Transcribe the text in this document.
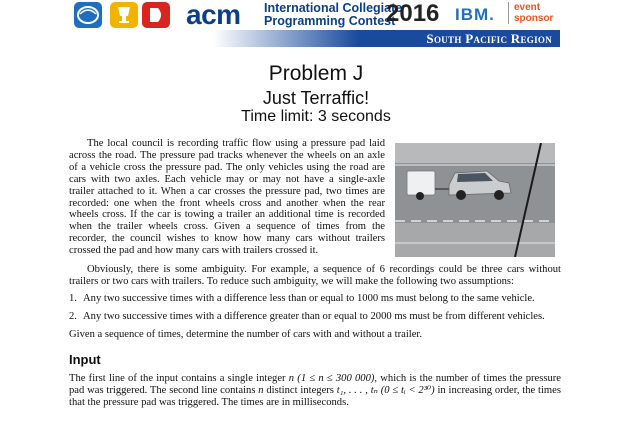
acm International Collegiate
Programming Contest
2016 IBM. event
sponsor
South Pacific Region
Problem J
Just Terraffic!
Time limit: 3 seconds
The local council is recording traffic flow using a pressure pad laid across the road. The pressure pad tracks whenever the wheels on an axle of a vehicle cross the pressure pad. The only vehicles using the road are cars with two axles. Each vehicle may or may not have a single-axle trailer attached to it. When a car crosses the pressure pad, two times are recorded: one when the front wheels cross and another when the rear wheels cross. If the car is towing a trailer an additional time is recorded when the trailer wheels cross. Given a sequence of times from the recorder, the council wishes to know how many cars without trailers crossed the pad and how many cars with trailers crossed it.
Obviously, there is some ambiguity. For example, a sequence of 6 recordings could be three cars without trailers or two cars with trailers. To reduce such ambiguity, we will make the following two assumptions:
1. Any two successive times with a difference less than or equal to 1000 ms must belong to the same vehicle.
2. Any two successive times with a difference greater than or equal to 2000 ms must be from different vehicles.
Given a sequence of times, determine the number of cars with and without a trailer.
Input
The first line of the input contains a single integer n (1 ≤ n ≤ 300 000), which is the number of times the pressure pad was triggered. The second line contains n distinct integers t₁, . . . , tₙ (0 ≤ tᵢ < 2³⁰) in increasing order, the times that the pressure pad was triggered. The times are in milliseconds.
